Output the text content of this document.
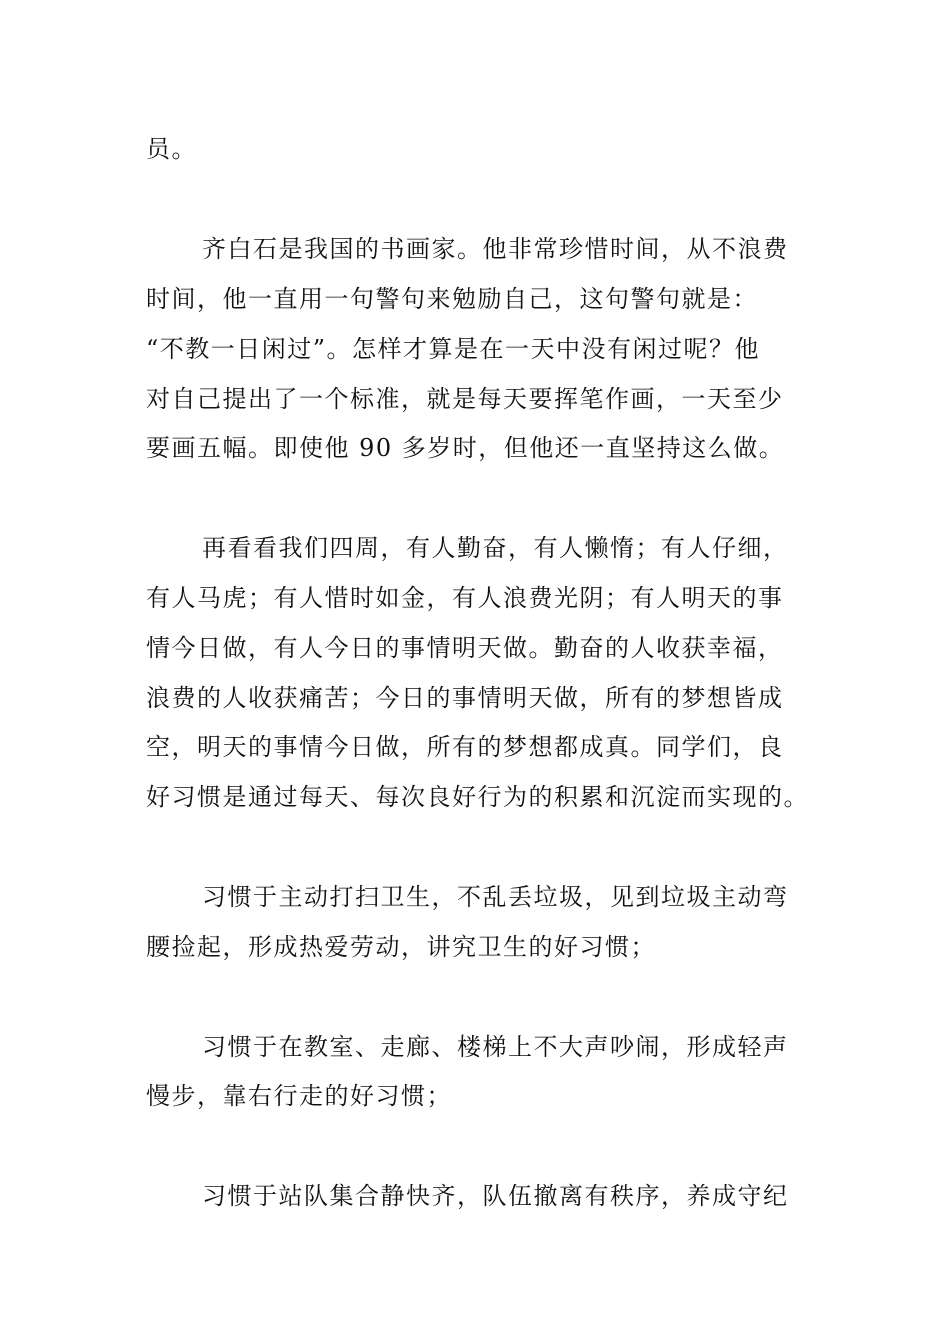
员。
齐白石是我国的书画家。他非常珍惜时间，从不浪费
时间，他一直用一句警句来勉励自己，这句警句就是：
“不教一日闲过”。怎样才算是在一天中没有闲过呢？他
对自己提出了一个标准，就是每天要挥笔作画，一天至少
要画五幅。即使他 90 多岁时，但他还一直坚持这么做。
再看看我们四周，有人勤奋，有人懒惰；有人仔细，
有人马虎；有人惜时如金，有人浪费光阴；有人明天的事
情今日做，有人今日的事情明天做。勤奋的人收获幸福，
浪费的人收获痛苦；今日的事情明天做，所有的梦想皆成
空，明天的事情今日做，所有的梦想都成真。同学们，良
好习惯是通过每天、每次良好行为的积累和沉淀而实现的。
习惯于主动打扫卫生，不乱丢垃圾，见到垃圾主动弯
腰捡起，形成热爱劳动，讲究卫生的好习惯；
习惯于在教室、走廊、楼梯上不大声吵闹，形成轻声
慢步，靠右行走的好习惯；
习惯于站队集合静快齐，队伍撤离有秩序，养成守纪
